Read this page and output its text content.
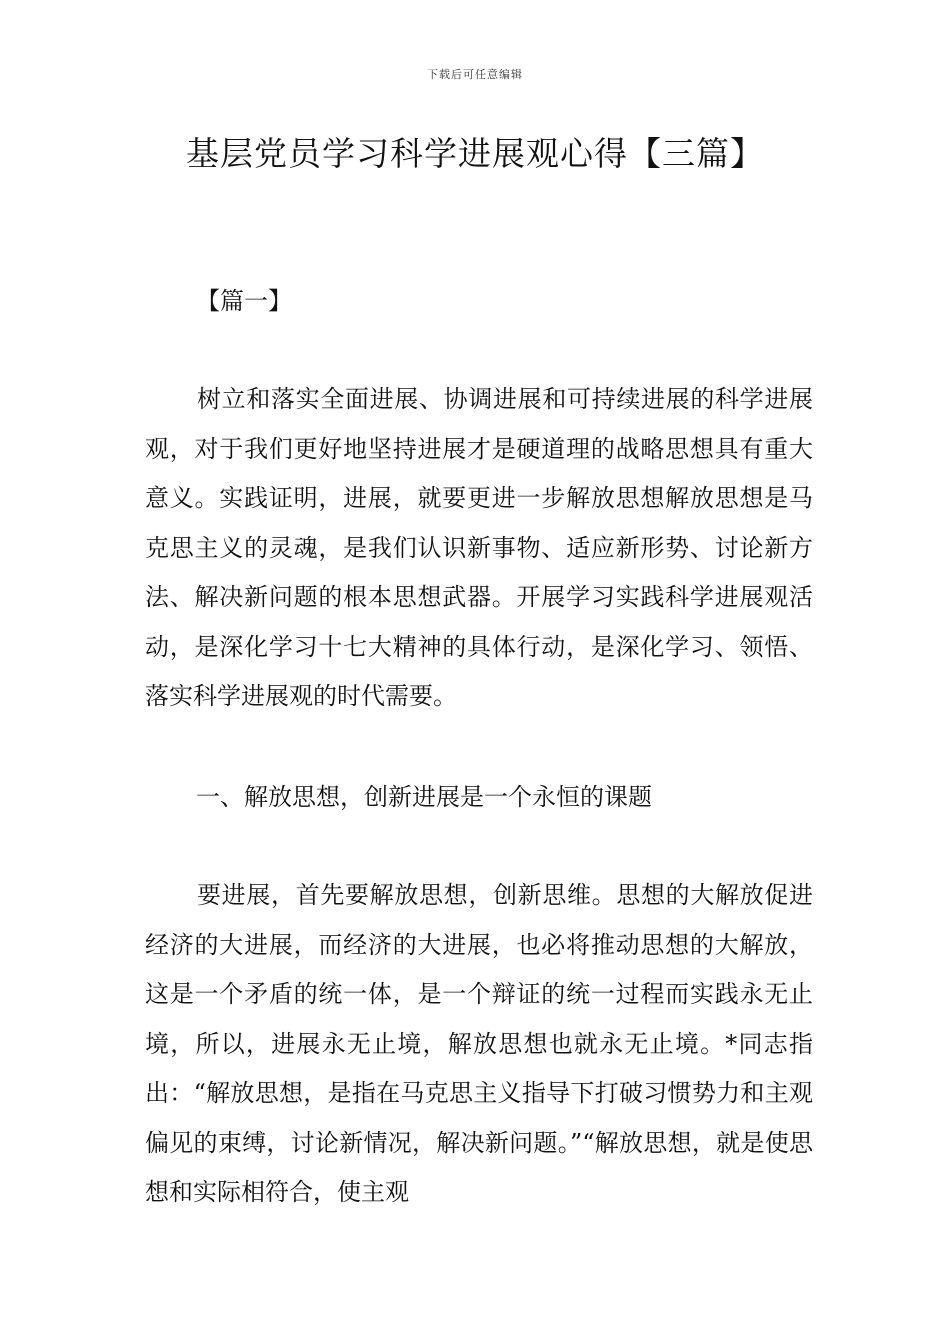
下载后可任意编辑
基层党员学习科学进展观心得【三篇】
【篇一】

树立和落实全面进展、协调进展和可持续进展的科学进展观，对于我们更好地坚持进展才是硬道理的战略思想具有重大意义。实践证明，进展，就要更进一步解放思想解放思想是马克思主义的灵魂，是我们认识新事物、适应新形势、讨论新方法、解决新问题的根本思想武器。开展学习实践科学进展观活动，是深化学习十七大精神的具体行动，是深化学习、领悟、落实科学进展观的时代需要。

一、解放思想，创新进展是一个永恒的课题

要进展，首先要解放思想，创新思维。思想的大解放促进经济的大进展，而经济的大进展，也必将推动思想的大解放，这是一个矛盾的统一体，是一个辩证的统一过程而实践永无止境，所以，进展永无止境，解放思想也就永无止境。*同志指出：“解放思想，是指在马克思主义指导下打破习惯势力和主观偏见的束缚，讨论新情况，解决新问题。”“解放思想，就是使思想和实际相符合，使主观
